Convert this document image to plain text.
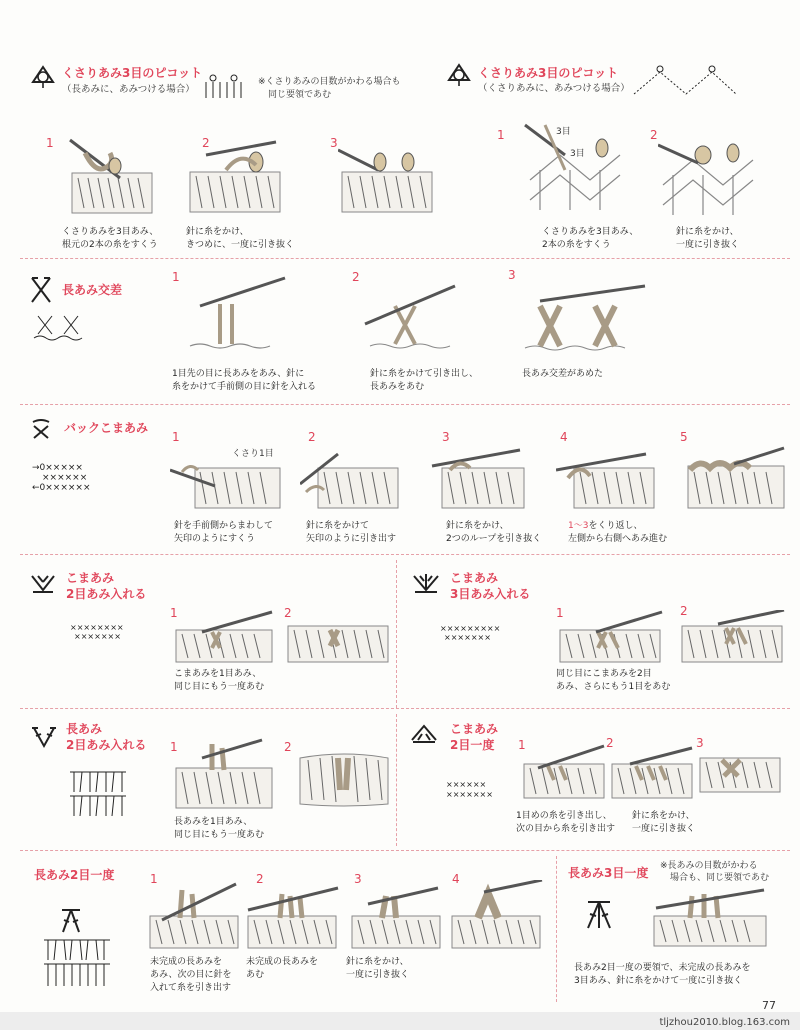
くさりあみ3目のピコット
（長あみに、あみつける場合）
※くさりあみの目数がかわる場合も
同じ要領であむ
1
くさりあみを3目あみ、
根元の2本の糸をすくう
2
針に糸をかけ、
きつめに、一度に引き抜く
3
くさりあみ3目のピコット
（くさりあみに、あみつける場合）
1	3目
3目
くさりあみを3目あみ、
2本の糸をすくう
2
針に糸をかけ、
一度に引き抜く
長あみ交差
1
1目先の目に長あみをあみ、針に
糸をかけて手前側の目に針を入れる
2
針に糸をかけて引き出し、
長あみをあむ
3
長あみ交差があめた
バックこまあみ
→0×××××
××××××
←0××××××
1
くさり1目
針を手前側からまわして
矢印のようにすくう
2
針に糸をかけて
矢印のように引き出す
3
針に糸をかけ、
2つのループを引き抜く
4
1～3をくり返し、
左側から右側へあみ進む
5
こまあみ
2目あみ入れる
××××××××
×××××××
1
こまあみを1目あみ、
同じ目にもう一度あむ
2
こまあみ
3目あみ入れる
×××××××××
×××××××
1
同じ目にこまあみを2目
あみ、さらにもう1目をあむ
2
長あみ
2目あみ入れる 1
長あみを1目あみ、
同じ目にもう一度あむ
2
こまあみ
2目一度
××××××
×××××××
1
1目めの糸を引き出し、
次の目から糸を引き出す
2
針に糸をかけ、
一度に引き抜く
3
長あみ2目一度	1
未完成の長あみを
あみ、次の目に針を
入れて糸を引き出す
2
未完成の長あみを
あむ
3
針に糸をかけ、
一度に引き抜く
4	長あみ3目一度 ※長あみの目数がかわる
場合も、同じ要領であむ
長あみ2目一度の要領で、未完成の長あみを
3目あみ、針に糸をかけて一度に引き抜く
77
tljzhou2010.blog.163.com
